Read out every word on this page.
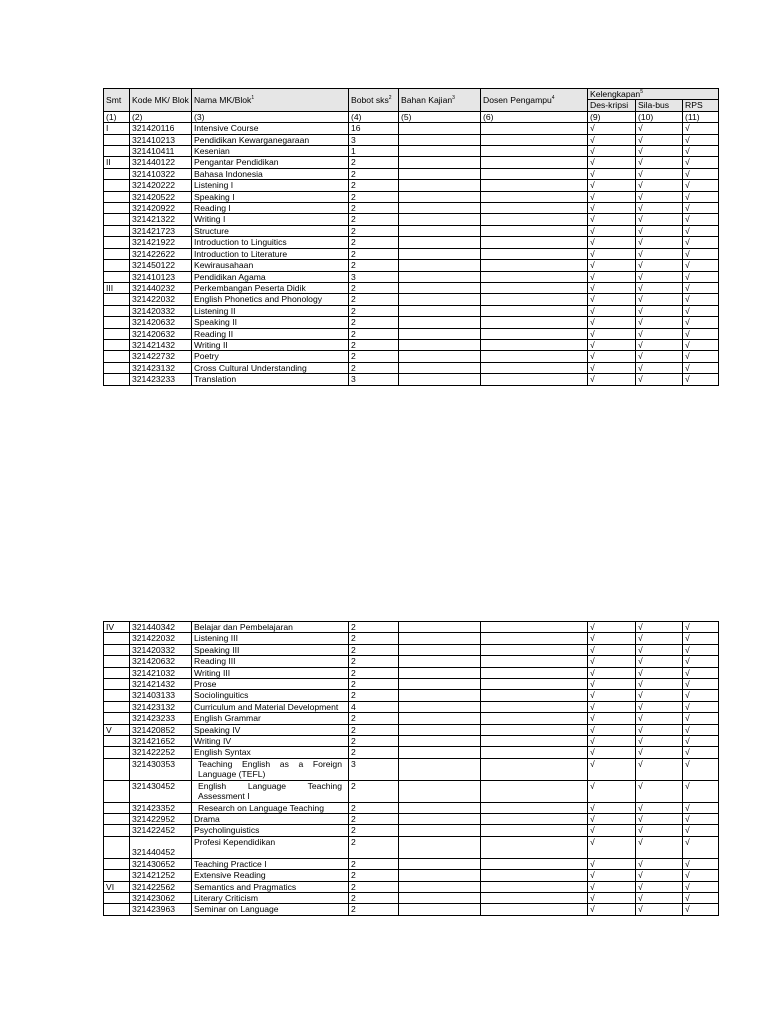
Smt	Kode MK/ Blok	Nama MK/Blok$^1$	Bobot sks$^2$	Bahan Kajian$^3$	Dosen Pengampu$^4$	Kelengkapan$^5$
						Des-kripsi	Sila-bus	RPS
(1)	(2)	(3)	(4)	(5)	(6)	(9)	(10)	(11)
I	321420116	Intensive Course	16			√	√	√
	321410213	Pendidikan Kewarganegaraan	3			√	√	√
	321410411	Kesenian	1			√	√	√
II	321440122	Pengantar Pendidikan	2			√	√	√
	321410322	Bahasa Indonesia	2			√	√	√
	321420222	Listening I	2			√	√	√
	321420522	Speaking I	2			√	√	√
	321420922	Reading I	2			√	√	√
	321421322	Writing I	2			√	√	√
	321421723	Structure	2			√	√	√
	321421922	Introduction to Linguitics	2			√	√	√
	321422622	Introduction to Literature	2			√	√	√
	321450122	Kewirausahaan	2			√	√	√
	321410123	Pendidikan Agama	3			√	√	√
III	321440232	Perkembangan Peserta Didik	2			√	√	√
	321422032	English Phonetics and Phonology	2			√	√	√
	321420332	Listening II	2			√	√	√
	321420632	Speaking II	2			√	√	√
	321420632	Reading II	2			√	√	√
	321421432	Writing II	2			√	√	√
	321422732	Poetry	2			√	√	√
	321423132	Cross Cultural Understanding	2			√	√	√
	321423233	Translation	3			√	√	√
IV	321440342	Belajar dan Pembelajaran	2			√	√	√
	321422032	Listening III	2			√	√	√
	321420332	Speaking III	2			√	√	√
	321420632	Reading III	2			√	√	√
	321421032	Writing III	2			√	√	√
	321421432	Prose	2			√	√	√
	321403133	Sociolinguitics	2			√	√	√
	321423132	Curriculum and Material Development	4			√	√	√
	321423233	English Grammar	2			√	√	√
V	321420852	Speaking IV	2			√	√	√
	321421652	Writing IV	2			√	√	√
	321422252	English Syntax	2			√	√	√
	321430353	Teaching English as a Foreign Language (TEFL)	3			√	√	√
	321430452	English Language Teaching Assessment I	2			√	√	√
	321423352	Research on Language Teaching	2			√	√	√
	321422952	Drama	2			√	√	√
	321422452	Psycholinguistics	2			√	√	√
	321440452	Profesi Kependidikan	2			√	√	√
	321430652	Teaching Practice I	2			√	√	√
	321421252	Extensive Reading	2			√	√	√
VI	321422562	Semantics and Pragmatics	2			√	√	√
	321423062	Literary Criticism	2			√	√	√
	321423963	Seminar on Language	2			√	√	√
